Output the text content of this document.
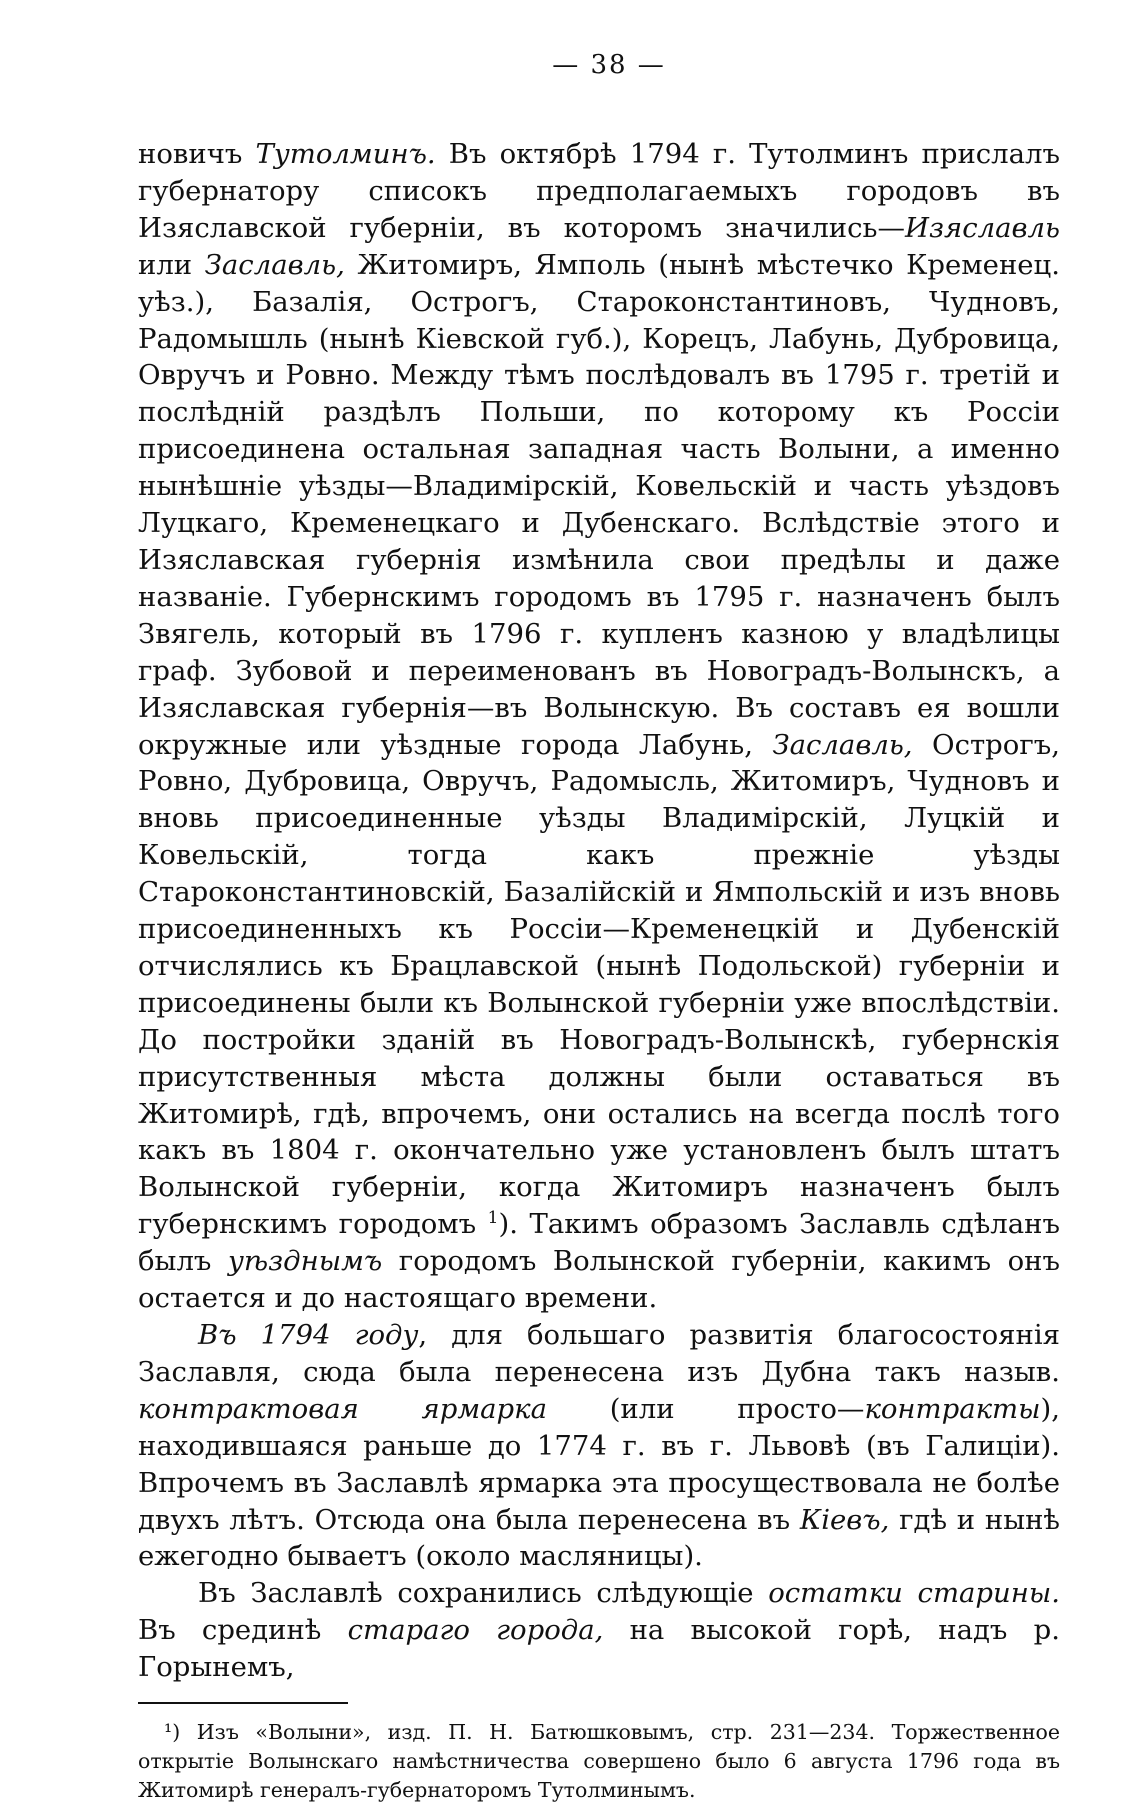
— 38 —

новичъ Тутолминъ. Въ октябрѣ 1794 г. Тутолминъ прислалъ губернатору списокъ предполагаемыхъ городовъ въ Изяславской губерніи, въ которомъ значились—Изяславль или Заславль, Житомиръ, Ямполь (нынѣ мѣстечко Кременец. уѣз.), Базалія, Острогъ, Староконстантиновъ, Чудновъ, Радомышль (нынѣ Кіевской губ.), Корецъ, Лабунь, Дубровица, Овручъ и Ровно. Между тѣмъ послѣдовалъ въ 1795 г. третій и послѣдній раздѣлъ Польши, по которому къ Россіи присоединена остальная западная часть Волыни, а именно нынѣшніе уѣзды—Владимірскій, Ковельскій и часть уѣздовъ Луцкаго, Кременецкаго и Дубенскаго. Вслѣдствіе этого и Изяславская губернія измѣнила свои предѣлы и даже названіе. Губернскимъ городомъ въ 1795 г. назначенъ былъ Звягель, который въ 1796 г. купленъ казною у владѣлицы граф. Зубовой и переименованъ въ Новоградъ-Волынскъ, а Изяславская губернія—въ Волынскую. Въ составъ ея вошли окружные или уѣздные города Лабунь, Заславль, Острогъ, Ровно, Дубровица, Овручъ, Радомысль, Житомиръ, Чудновъ и вновь присоединенные уѣзды Владимірскій, Луцкій и Ковельскій, тогда какъ прежніе уѣзды Староконстантиновскій, Базалійскій и Ямпольскій и изъ вновь присоединенныхъ къ Россіи—Кременецкій и Дубенскій отчислялись къ Брацлавской (нынѣ Подольской) губерніи и присоединены были къ Волынской губерніи уже впослѣдствіи. До постройки зданій въ Новоградъ-Волынскѣ, губернскія присутственныя мѣста должны были оставаться въ Житомирѣ, гдѣ, впрочемъ, они остались на всегда послѣ того какъ въ 1804 г. окончательно уже установленъ былъ штатъ Волынской губерніи, когда Житомиръ назначенъ былъ губернскимъ городомъ $^1$). Такимъ образомъ Заславль сдѣланъ былъ уѣзднымъ городомъ Волынской губерніи, какимъ онъ остается и до настоящаго времени.

Въ 1794 году, для большаго развитія благосостоянія Заславля, сюда была перенесена изъ Дубна такъ назыв. контрактовая ярмарка (или просто—контракты), находившаяся раньше до 1774 г. въ г. Львовѣ (въ Галиціи). Впрочемъ въ Заславлѣ ярмарка эта просуществовала не болѣе двухъ лѣтъ. Отсюда она была перенесена въ Кіевъ, гдѣ и нынѣ ежегодно бываетъ (около масляницы).

Въ Заславлѣ сохранились слѣдующіе остатки старины. Въ срединѣ стараго города, на высокой горѣ, надъ р. Горынемъ,

¹) Изъ «Волыни», изд. П. Н. Батюшковымъ, стр. 231—234. Торжественное открытіе Волынскаго намѣстничества совершено было 6 августа 1796 года въ Житомирѣ генералъ-губернаторомъ Тутолминымъ.
